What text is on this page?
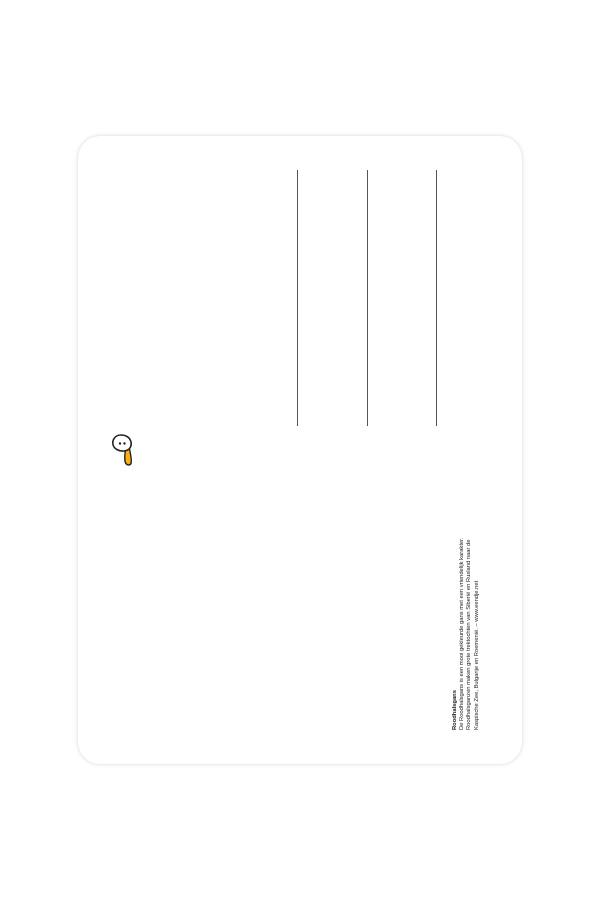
Roodhalsgans De Roodhalsgans is een mooi gekleurde gans met een vriendelijk karakter. Roodhalsganzen maken grote trektochten van Siberië en Rusland naar de Kaspische Zee, Bulgarije en Roemenië. – www.eendje.net
